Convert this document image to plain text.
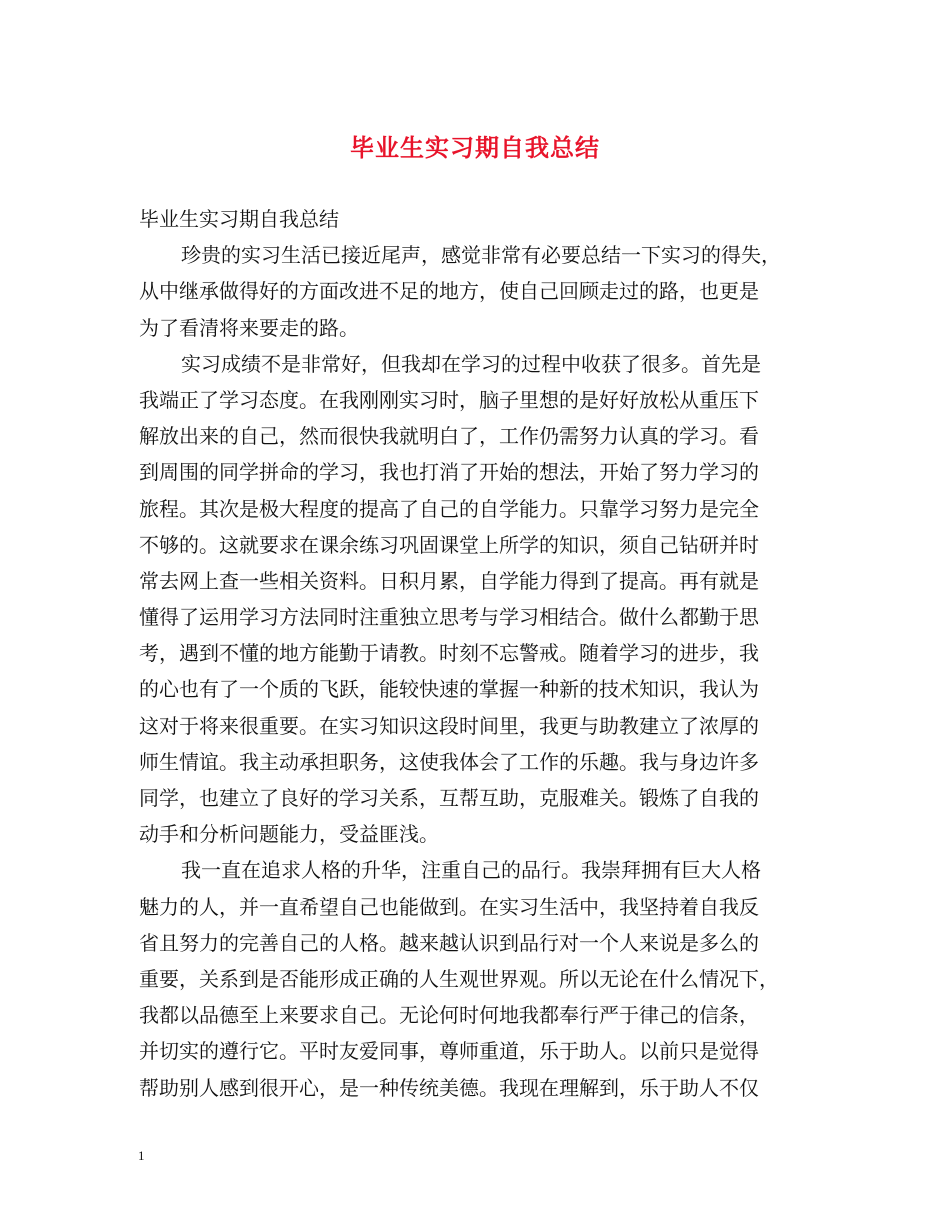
毕业生实习期自我总结
毕业生实习期自我总结
珍贵的实习生活已接近尾声，感觉非常有必要总结一下实习的得失，
从中继承做得好的方面改进不足的地方，使自己回顾走过的路，也更是
为了看清将来要走的路。
实习成绩不是非常好，但我却在学习的过程中收获了很多。首先是
我端正了学习态度。在我刚刚实习时，脑子里想的是好好放松从重压下
解放出来的自己，然而很快我就明白了，工作仍需努力认真的学习。看
到周围的同学拼命的学习，我也打消了开始的想法，开始了努力学习的
旅程。其次是极大程度的提高了自己的自学能力。只靠学习努力是完全
不够的。这就要求在课余练习巩固课堂上所学的知识，须自己钻研并时
常去网上查一些相关资料。日积月累，自学能力得到了提高。再有就是
懂得了运用学习方法同时注重独立思考与学习相结合。做什么都勤于思
考，遇到不懂的地方能勤于请教。时刻不忘警戒。随着学习的进步，我
的心也有了一个质的飞跃，能较快速的掌握一种新的技术知识，我认为
这对于将来很重要。在实习知识这段时间里，我更与助教建立了浓厚的
师生情谊。我主动承担职务，这使我体会了工作的乐趣。我与身边许多
同学，也建立了良好的学习关系，互帮互助，克服难关。锻炼了自我的
动手和分析问题能力，受益匪浅。
我一直在追求人格的升华，注重自己的品行。我崇拜拥有巨大人格
魅力的人，并一直希望自己也能做到。在实习生活中，我坚持着自我反
省且努力的完善自己的人格。越来越认识到品行对一个人来说是多么的
重要，关系到是否能形成正确的人生观世界观。所以无论在什么情况下，
我都以品德至上来要求自己。无论何时何地我都奉行严于律己的信条，
并切实的遵行它。平时友爱同事，尊师重道，乐于助人。以前只是觉得
帮助别人感到很开心，是一种传统美德。我现在理解到，乐于助人不仅
1
